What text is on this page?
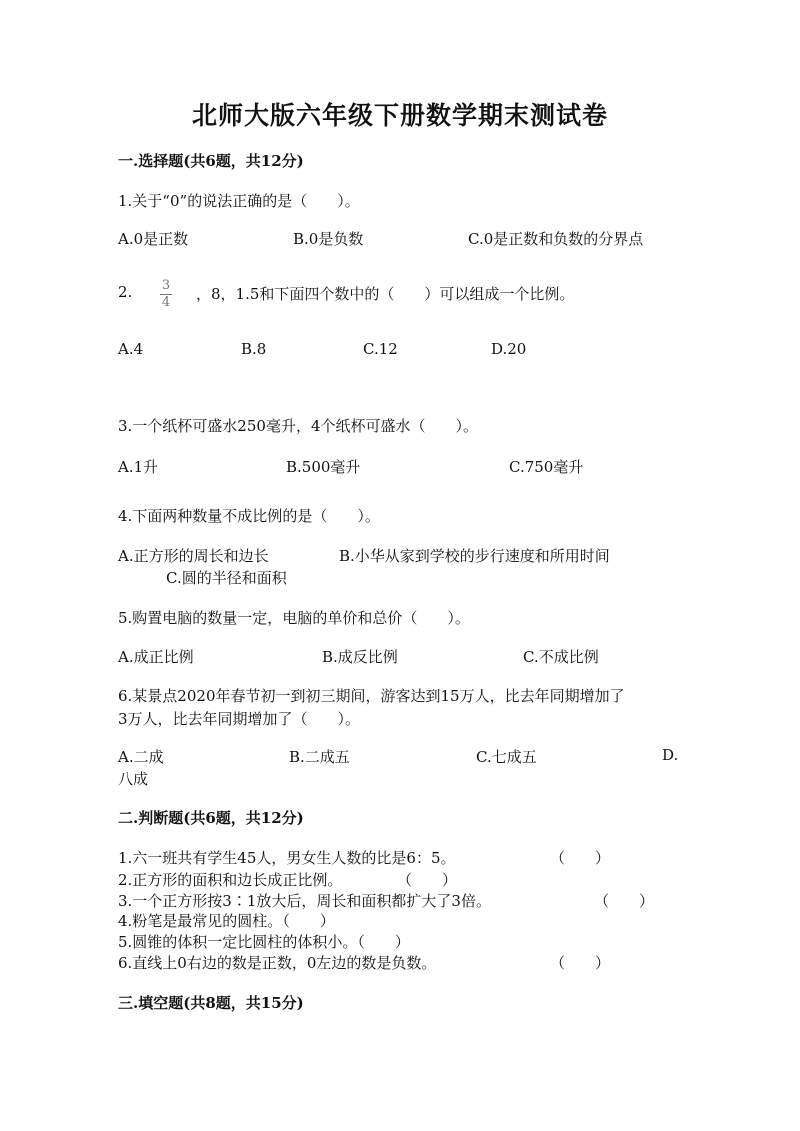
北师大版六年级下册数学期末测试卷
一.选择题(共6题，共12分)
1.关于“0”的说法正确的是（　　）。
A.0是正数	B.0是负数	C.0是正数和负数的分界点
2. $\frac{3}{4}$ ，8，1.5和下面四个数中的（　　）可以组成一个比例。
A.4	B.8	C.12	D.20
3.一个纸杯可盛水250毫升，4个纸杯可盛水（　　）。
A.1升	B.500毫升	C.750毫升
4.下面两种数量不成比例的是（　　）。
A.正方形的周长和边长	B.小华从家到学校的步行速度和所用时间
C.圆的半径和面积
5.购置电脑的数量一定，电脑的单价和总价（　　）。
A.成正比例	B.成反比例	C.不成比例
6.某景点2020年春节初一到初三期间，游客达到15万人，比去年同期增加了
3万人，比去年同期增加了（　　）。
A.二成	B.二成五	C.七成五	D.
八成
二.判断题(共6题，共12分)
1.六一班共有学生45人，男女生人数的比是6：5。	（　　）
2.正方形的面积和边长成正比例。	（　　）
3.一个正方形按3∶1放大后，周长和面积都扩大了3倍。	（　　）
4.粉笔是最常见的圆柱。（　　）
5.圆锥的体积一定比圆柱的体积小。（　　）
6.直线上0右边的数是正数，0左边的数是负数。	（　　）
三.填空题(共8题，共15分)
